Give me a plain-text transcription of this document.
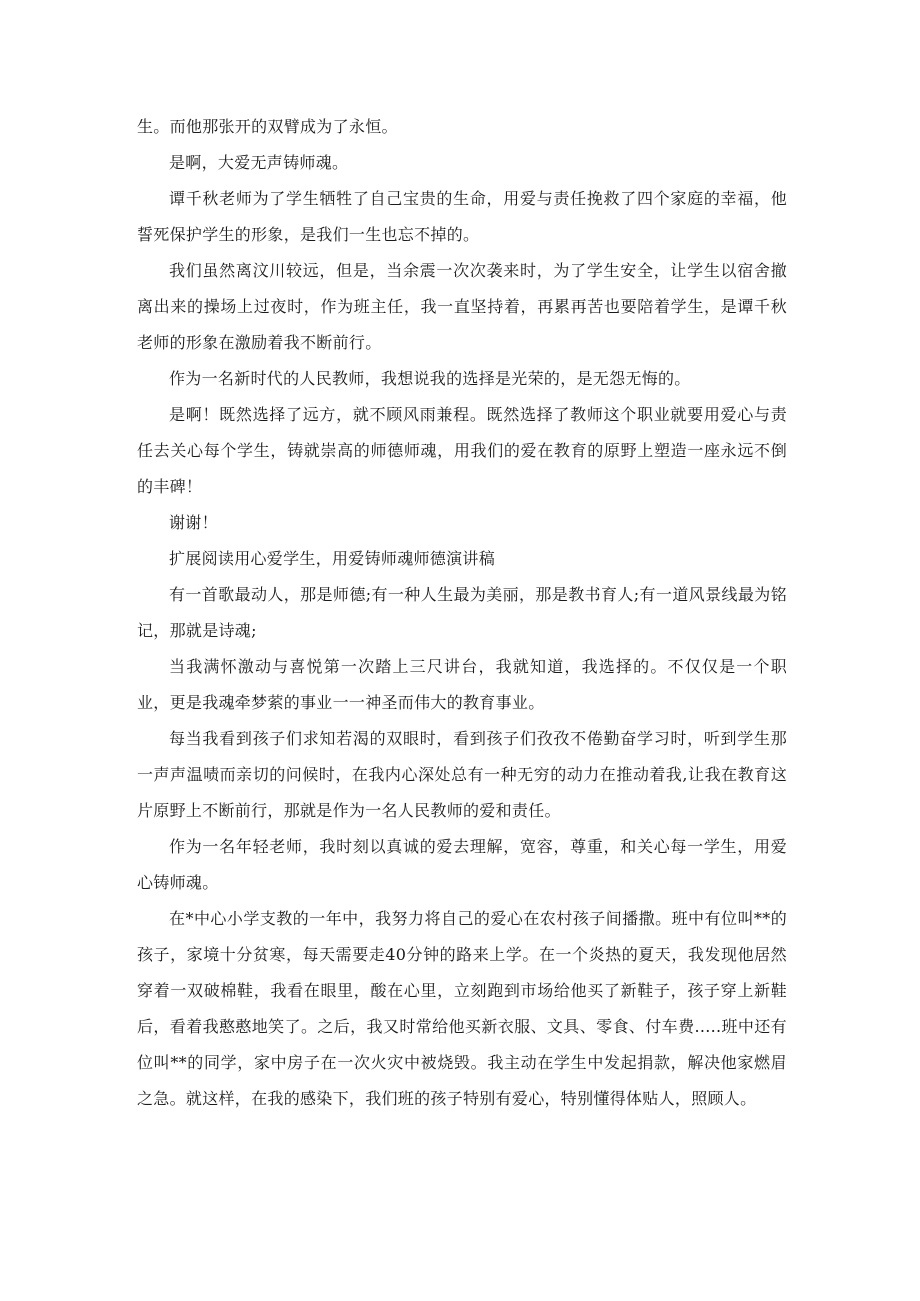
生。而他那张开的双臂成为了永恒。

是啊，大爱无声铸师魂。

谭千秋老师为了学生牺牲了自己宝贵的生命，用爱与责任挽救了四个家庭的幸福，他誓死保护学生的形象，是我们一生也忘不掉的。

我们虽然离汶川较远，但是，当余震一次次袭来时，为了学生安全，让学生以宿舍撤离出来的操场上过夜时，作为班主任，我一直坚持着，再累再苦也要陪着学生，是谭千秋老师的形象在激励着我不断前行。

作为一名新时代的人民教师，我想说我的选择是光荣的，是无怨无悔的。

是啊！既然选择了远方，就不顾风雨兼程。既然选择了教师这个职业就要用爱心与责任去关心每个学生，铸就崇高的师德师魂，用我们的爱在教育的原野上塑造一座永远不倒的丰碑！

谢谢！

扩展阅读用心爱学生，用爱铸师魂师德演讲稿

有一首歌最动人，那是师德;有一种人生最为美丽，那是教书育人;有一道风景线最为铭记，那就是诗魂;

当我满怀激动与喜悦第一次踏上三尺讲台，我就知道，我选择的。不仅仅是一个职业，更是我魂牵梦萦的事业一一神圣而伟大的教育事业。

每当我看到孩子们求知若渴的双眼时，看到孩子们孜孜不倦勤奋学习时，听到学生那一声声温啧而亲切的问候时，在我内心深处总有一种无穷的动力在推动着我,让我在教育这片原野上不断前行，那就是作为一名人民教师的爱和责任。

作为一名年轻老师，我时刻以真诚的爱去理解，宽容，尊重，和关心每一学生，用爱心铸师魂。

在*中心小学支教的一年中，我努力将自己的爱心在农村孩子间播撒。班中有位叫**的孩子，家境十分贫寒，每天需要走40分钟的路来上学。在一个炎热的夏天，我发现他居然穿着一双破棉鞋，我看在眼里，酸在心里，立刻跑到市场给他买了新鞋子，孩子穿上新鞋后，看着我憨憨地笑了。之后，我又时常给他买新衣服、文具、零食、付车费.....班中还有位叫**的同学，家中房子在一次火灾中被烧毁。我主动在学生中发起捐款，解决他家燃眉之急。就这样，在我的感染下，我们班的孩子特别有爱心，特别懂得体贴人，照顾人。
